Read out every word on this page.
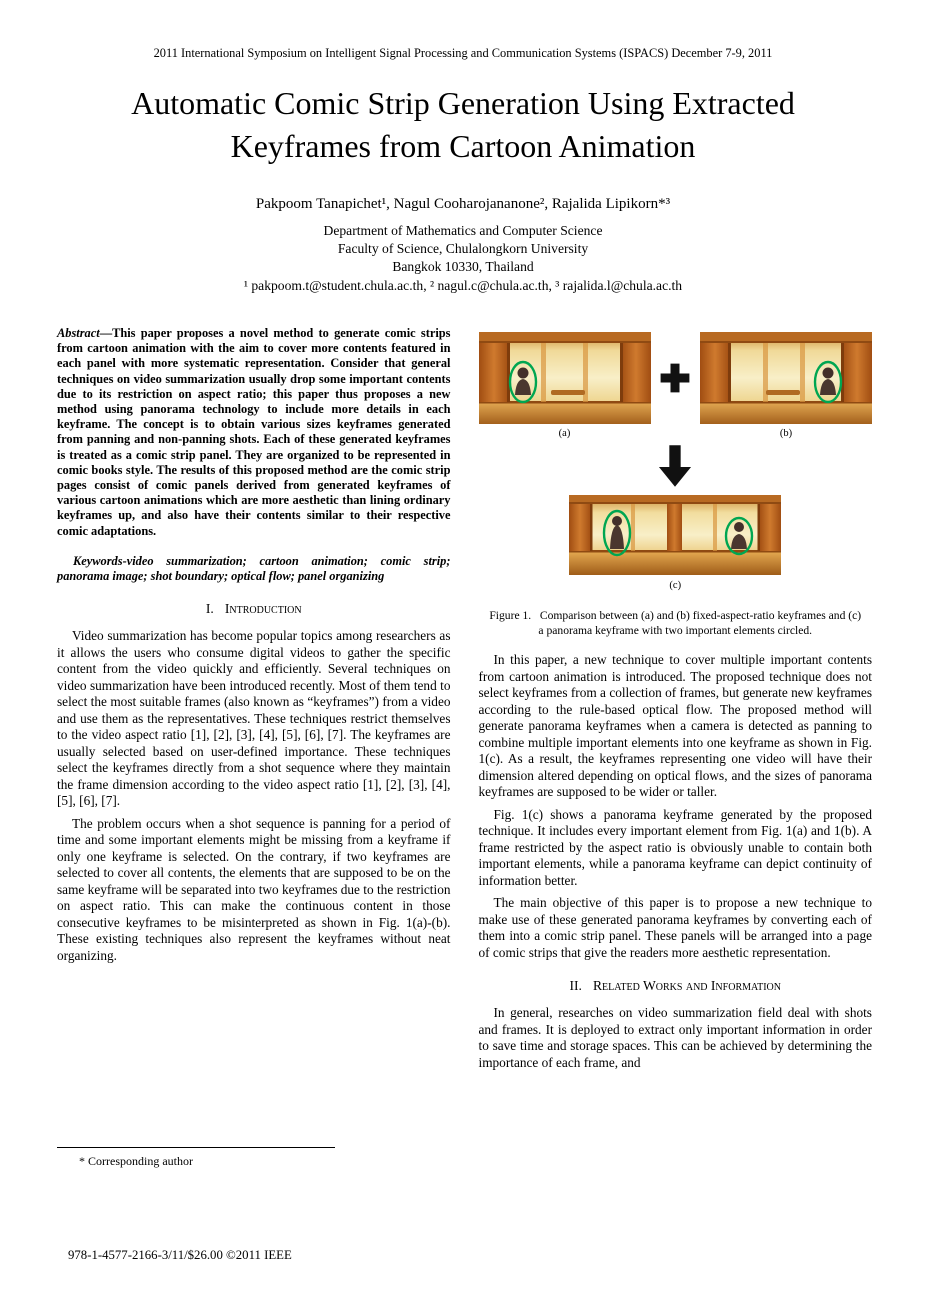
2011 International Symposium on Intelligent Signal Processing and Communication Systems (ISPACS) December 7-9, 2011
Automatic Comic Strip Generation Using Extracted
Keyframes from Cartoon Animation
Pakpoom Tanapichet¹, Nagul Cooharojananone², Rajalida Lipikorn*³
Department of Mathematics and Computer Science
Faculty of Science, Chulalongkorn University
Bangkok 10330, Thailand
¹ pakpoom.t@student.chula.ac.th, ² nagul.c@chula.ac.th, ³ rajalida.l@chula.ac.th

Abstract—This paper proposes a novel method to generate comic strips from cartoon animation with the aim to cover more contents featured in each panel with more systematic representation. Consider that general techniques on video summarization usually drop some important contents due to its restriction on aspect ratio; this paper thus proposes a new method using panorama technology to include more details in each keyframe. The concept is to obtain various sizes keyframes generated from panning and non-panning shots. Each of these generated keyframes is treated as a comic strip panel. They are organized to be represented in comic books style. The results of this proposed method are the comic strip pages consist of comic panels derived from generated keyframes of various cartoon animations which are more aesthetic than lining ordinary keyframes up, and also have their contents similar to their respective comic adaptations.

Keywords-video summarization; cartoon animation; comic strip; panorama image; shot boundary; optical flow; panel organizing

I. Introduction

Video summarization has become popular topics among researchers as it allows the users who consume digital videos to gather the specific content from the video quickly and efficiently. Several techniques on video summarization have been introduced recently. Most of them tend to select the most suitable frames (also known as “keyframes”) from a video and use them as the representatives. These techniques restrict themselves to the video aspect ratio [1], [2], [3], [4], [5], [6], [7]. The keyframes are usually selected based on user-defined importance. These techniques select the keyframes directly from a shot sequence where they maintain the frame dimension according to the video aspect ratio [1], [2], [3], [4], [5], [6], [7].

The problem occurs when a shot sequence is panning for a period of time and some important elements might be missing from a keyframe if only one keyframe is selected. On the contrary, if two keyframes are selected to cover all contents, the elements that are supposed to be on the same keyframe will be separated into two keyframes due to the restriction on aspect ratio. This can make the continuous content in those consecutive keyframes to be misinterpreted as shown in Fig. 1(a)-(b). These existing techniques also represent the keyframes without neat organizing.

(a)	(b)
(c)
Figure 1.   Comparison between (a) and (b) fixed-aspect-ratio keyframes and (c) a panorama keyframe with two important elements circled.

In this paper, a new technique to cover multiple important contents from cartoon animation is introduced. The proposed technique does not select keyframes from a collection of frames, but generate new keyframes according to the rule-based optical flow. The proposed method will generate panorama keyframes when a camera is detected as panning to combine multiple important elements into one keyframe as shown in Fig. 1(c). As a result, the keyframes representing one video will have their dimension altered depending on optical flows, and the sizes of panorama keyframes are supposed to be wider or taller.

Fig. 1(c) shows a panorama keyframe generated by the proposed technique. It includes every important element from Fig. 1(a) and 1(b). A frame restricted by the aspect ratio is obviously unable to contain both important elements, while a panorama keyframe can depict continuity of information better.

The main objective of this paper is to propose a new technique to make use of these generated panorama keyframes by converting each of them into a comic strip panel. These panels will be arranged into a page of comic strips that give the readers more aesthetic representation.

II. Related Works and Information

In general, researches on video summarization field deal with shots and frames. It is deployed to extract only important information in order to save time and storage spaces. This can be achieved by determining the importance of each frame, and

* Corresponding author
978-1-4577-2166-3/11/$26.00 ©2011 IEEE
